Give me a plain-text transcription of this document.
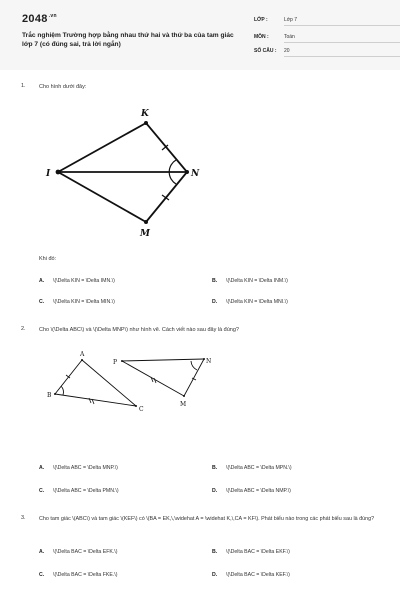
$2048^{.vn}$
Trắc nghiệm Trường hợp bằng nhau thứ hai và thứ ba của tam giác lớp 7 (có đúng sai, trả lời ngắn)
LỚP :	Lớp 7
MÔN :	Toán
SỐ CÂU :	20
1. Cho hình dưới đây:
K
I	N
M
Khi đó:
A. \(\Delta KIN = \Delta IMN.\)	B. \(\Delta KIN = \Delta INM.\)
C. \(\Delta KIN = \Delta MIN.\)	D. \(\Delta KIN = \Delta MNI.\)
2. Cho \(\Delta ABC\) và \(\Delta MNP\) như hình vẽ. Cách viết nào sau đây là đúng?
A
B
C
P	N
M
A. \(\Delta ABC = \Delta MNP.\)	B. \(\Delta ABC = \Delta MPN.\)
C. \(\Delta ABC = \Delta PMN.\)	D. \(\Delta ABC = \Delta NMP.\)
3. Cho tam giác \(ABC\) và tam giác \(KEF\) có \(BA = EK,\,\widehat A = \widehat K,\,CA = KF\). Phát biểu nào trong các phát biểu sau là đúng?
A. \(\Delta BAC = \Delta EFK.\)	B. \(\Delta BAC = \Delta EKF.\)
C. \(\Delta BAC = \Delta FKE.\)	D. \(\Delta BAC = \Delta KEF.\)
